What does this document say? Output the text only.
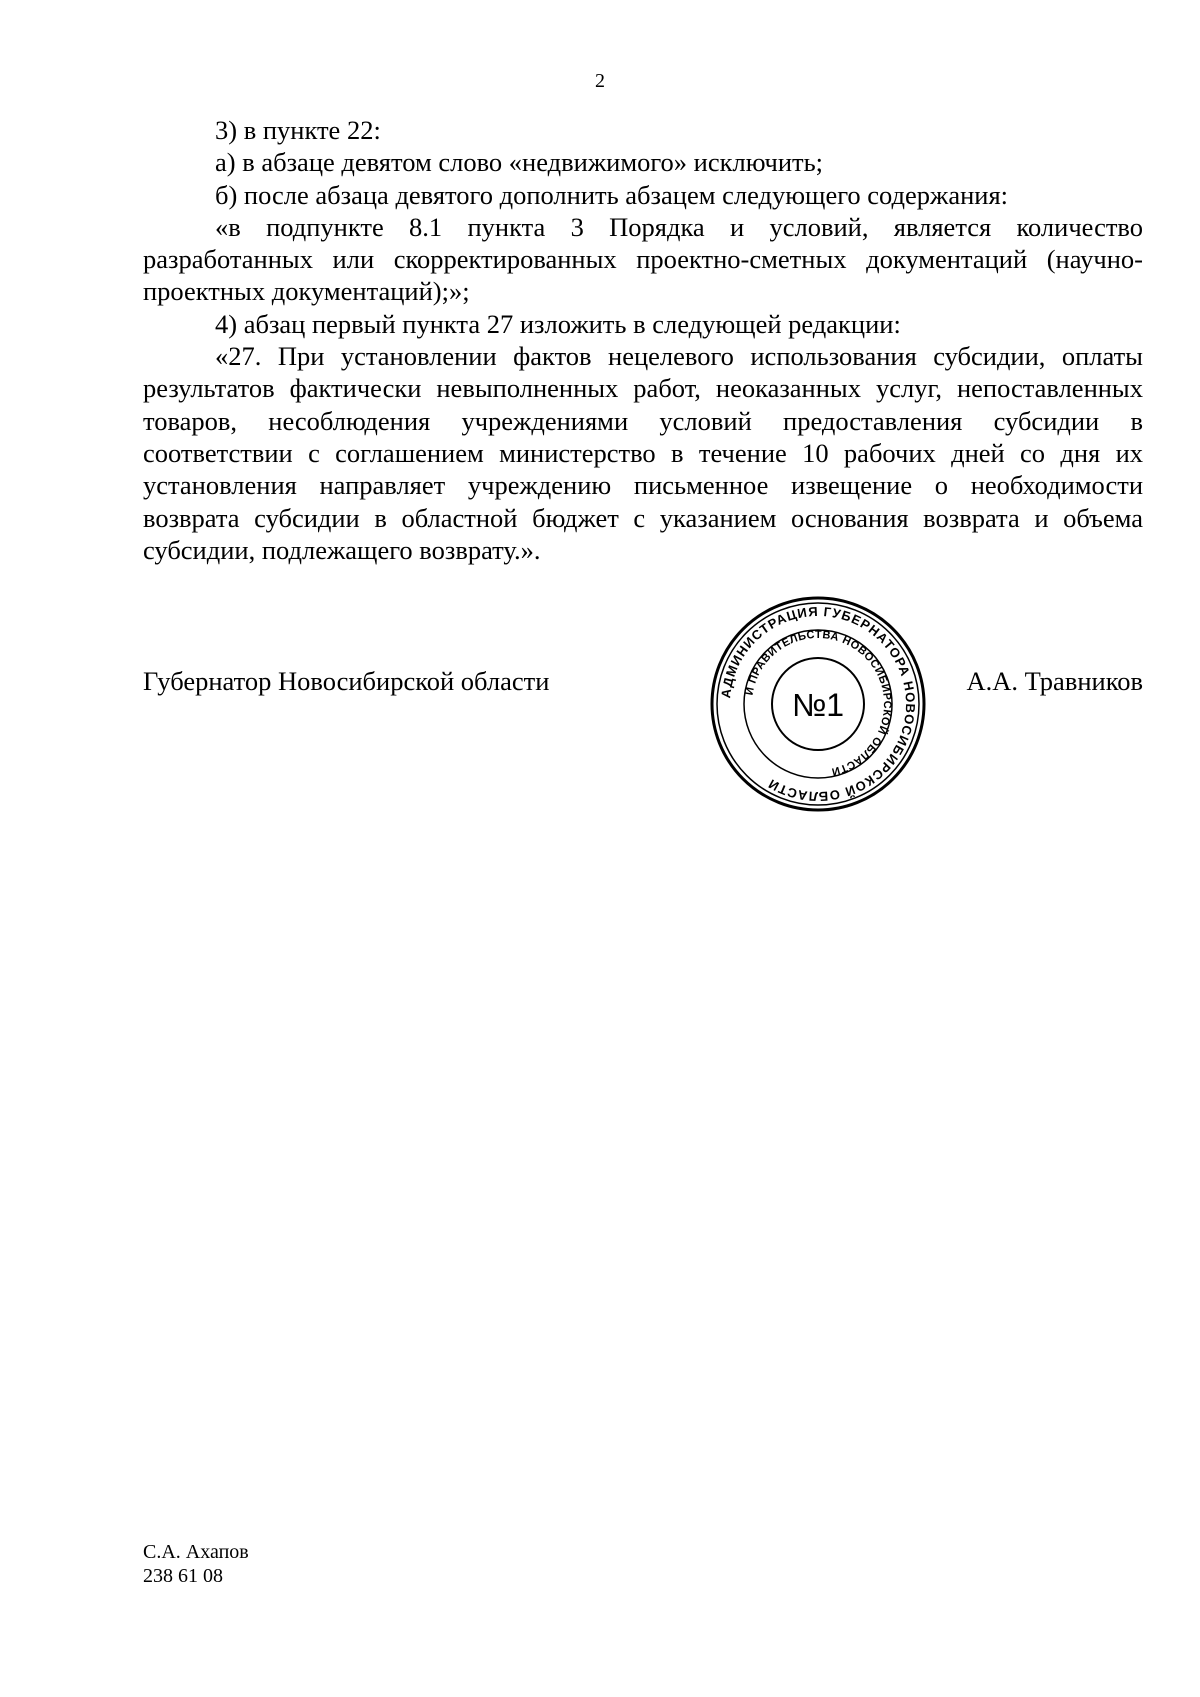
2

3) в пункте 22:

а) в абзаце девятом слово «недвижимого» исключить;

б) после абзаца девятого дополнить абзацем следующего содержания:

«в подпункте 8.1 пункта 3 Порядка и условий, является количество разработанных или скорректированных проектно-сметных документаций (научно-проектных документаций);»;

4) абзац первый пункта 27 изложить в следующей редакции:

«27. При установлении фактов нецелевого использования субсидии, оплаты результатов фактически невыполненных работ, неоказанных услуг, непоставленных товаров, несоблюдения учреждениями условий предоставления субсидии в соответствии с соглашением министерство в течение 10 рабочих дней со дня их установления направляет учреждению письменное извещение о необходимости возврата субсидии в областной бюджет с указанием основания возврата и объема субсидии, подлежащего возврату.».

Губернатор Новосибирской области	А.А. Травников
АДМИНИСТРАЦИЯ ГУБЕРНАТОРА НОВОСИБИРСКОЙ ОБЛАСТИ
И ПРАВИТЕЛЬСТВА НОВОСИБИРСКОЙ ОБЛАСТИ
№1
С.А. Ахапов
238 61 08
